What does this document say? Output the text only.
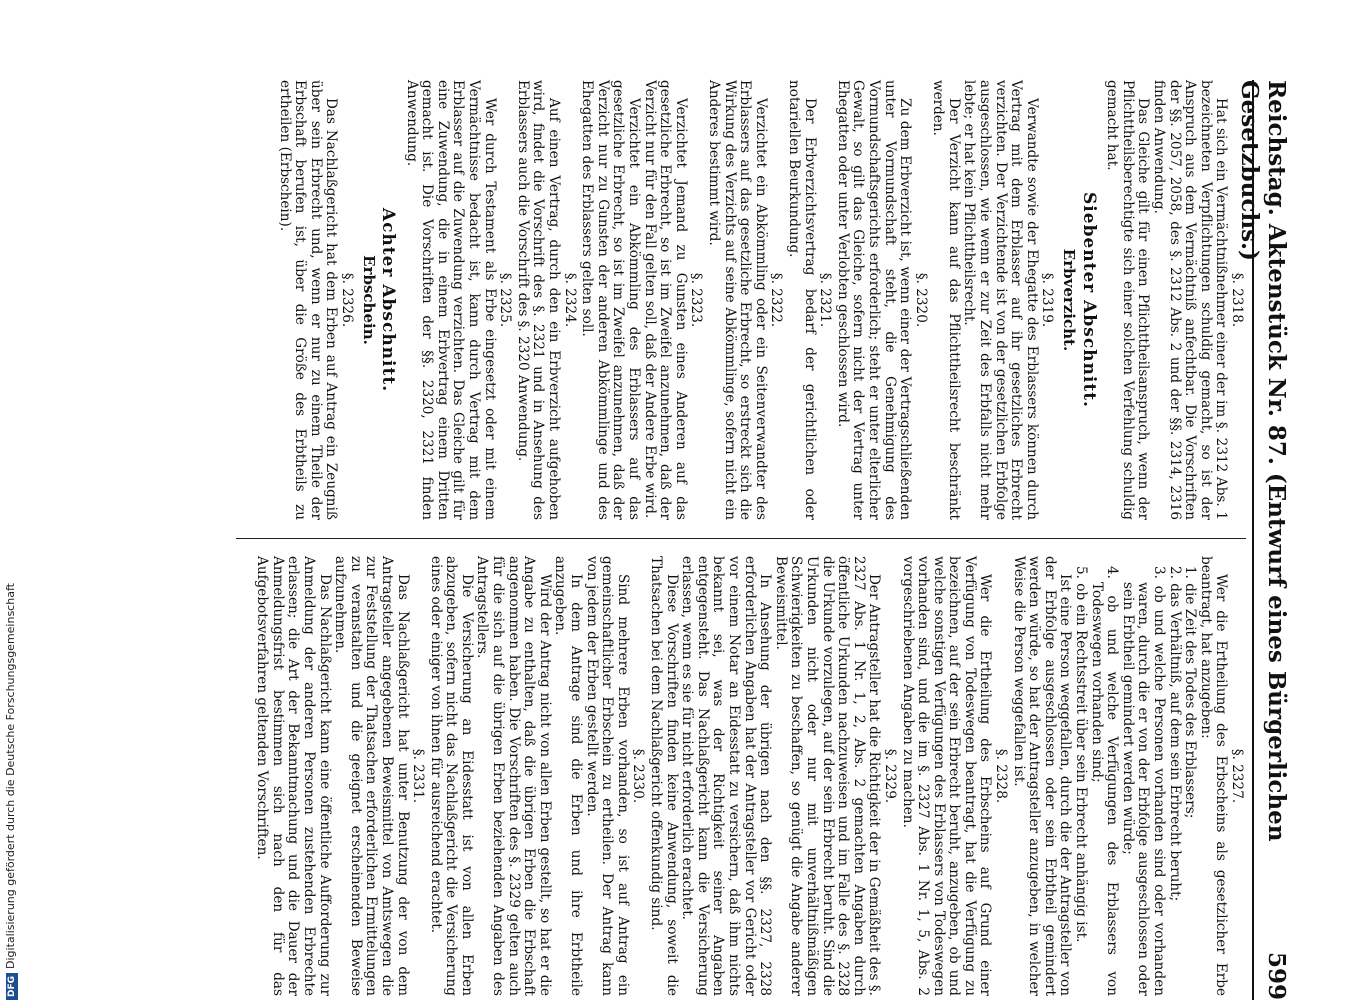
Reichstag. Aktenstück Nr. 87. (Entwurf eines Bürgerlichen Gesetzbuchs.)
599
§. 2318.

Hat sich ein Vermächtnißnehmer einer der im §. 2312 Abs. 1 bezeichneten Verpflichtungen schuldig gemacht, so ist der Anspruch aus dem Vermächtniß anfechtbar. Die Vorschriften der §§. 2057, 2058, des §. 2312 Abs. 2 und der §§. 2314, 2316 finden Anwendung.

Das Gleiche gilt für einen Pflichttheilsanspruch, wenn der Pflichttheilsberechtigte sich einer solchen Verfehlung schuldig gemacht hat.

Siebenter Abschnitt.
Erbverzicht.
§. 2319.

Verwandte sowie der Ehegatte des Erblassers können durch Vertrag mit dem Erblasser auf ihr gesetzliches Erbrecht verzichten. Der Verzichtende ist von der gesetzlichen Erbfolge ausgeschlossen, wie wenn er zur Zeit des Erbfalls nicht mehr lebte; er hat kein Pflichttheilsrecht.

Der Verzicht kann auf das Pflichttheilsrecht beschränkt werden.

§. 2320.

Zu dem Erbverzicht ist, wenn einer der Vertragschließenden unter Vormundschaft steht, die Genehmigung des Vormundschaftsgerichts erforderlich; steht er unter elterlicher Gewalt, so gilt das Gleiche, sofern nicht der Vertrag unter Ehegatten oder unter Verlobten geschlossen wird.

§. 2321.

Der Erbverzichtsvertrag bedarf der gerichtlichen oder notariellen Beurkundung.

§. 2322.

Verzichtet ein Abkömmling oder ein Seitenverwandter des Erblassers auf das gesetzliche Erbrecht, so erstreckt sich die Wirkung des Verzichts auf seine Abkömmlinge, sofern nicht ein Anderes bestimmt wird.

§. 2323.

Verzichtet Jemand zu Gunsten eines Anderen auf das gesetzliche Erbrecht, so ist im Zweifel anzunehmen, daß der Verzicht nur für den Fall gelten soll, daß der Andere Erbe wird.

Verzichtet ein Abkömmling des Erblassers auf das gesetzliche Erbrecht, so ist im Zweifel anzunehmen, daß der Verzicht nur zu Gunsten der anderen Abkömmlinge und des Ehegatten des Erblassers gelten soll.

§. 2324.

Auf einen Vertrag, durch den ein Erbverzicht aufgehoben wird, findet die Vorschrift des §. 2321 und in Ansehung des Erblassers auch die Vorschrift des §. 2320 Anwendung.

§. 2325.

Wer durch Testament als Erbe eingesetzt oder mit einem Vermächtnisse bedacht ist, kann durch Vertrag mit dem Erblasser auf die Zuwendung verzichten. Das Gleiche gilt für eine Zuwendung, die in einem Erbvertrag einem Dritten gemacht ist. Die Vorschriften der §§. 2320, 2321 finden Anwendung.

Achter Abschnitt.
Erbschein.
§. 2326.

Das Nachlaßgericht hat dem Erben auf Antrag ein Zeugniß über sein Erbrecht und, wenn er nur zu einem Theile der Erbschaft berufen ist, über die Größe des Erbtheils zu ertheilen (Erbschein).

§. 2327.

Wer die Ertheilung des Erbscheins als gesetzlicher Erbe beantragt, hat anzugeben:

1. die Zeit des Todes des Erblassers;

2. das Verhältniß, auf dem sein Erbrecht beruht;

3. ob und welche Personen vorhanden sind oder vorhanden waren, durch die er von der Erbfolge ausgeschlossen oder sein Erbtheil gemindert werden würde;

4. ob und welche Verfügungen des Erblassers von Todeswegen vorhanden sind;

5. ob ein Rechtsstreit über sein Erbrecht anhängig ist.

Ist eine Person weggefallen, durch die der Antragsteller von der Erbfolge ausgeschlossen oder sein Erbtheil gemindert werden würde, so hat der Antragsteller anzugeben, in welcher Weise die Person weggefallen ist.

§. 2328.

Wer die Ertheilung des Erbscheins auf Grund einer Verfügung von Todeswegen beantragt, hat die Verfügung zu bezeichnen, auf der sein Erbrecht beruht, anzugeben, ob und welche sonstigen Verfügungen des Erblassers von Todeswegen vorhanden sind, und die im §. 2327 Abs. 1 Nr. 1, 5, Abs. 2 vorgeschriebenen Angaben zu machen.

§. 2329.

Der Antragsteller hat die Richtigkeit der in Gemäßheit des §. 2327 Abs. 1 Nr. 1, 2, Abs. 2 gemachten Angaben durch öffentliche Urkunden nachzuweisen und im Falle des §. 2328 die Urkunde vorzulegen, auf der sein Erbrecht beruht. Sind die Urkunden nicht oder nur mit unverhältnißmäßigen Schwierigkeiten zu beschaffen, so genügt die Angabe anderer Beweismittel.

In Ansehung der übrigen nach den §§. 2327, 2328 erforderlichen Angaben hat der Antragsteller vor Gericht oder vor einem Notar an Eidesstatt zu versichern, daß ihm nichts bekannt sei, was der Richtigkeit seiner Angaben entgegensteht. Das Nachlaßgericht kann die Versicherung erlassen, wenn es sie für nicht erforderlich erachtet.

Diese Vorschriften finden keine Anwendung, soweit die Thatsachen bei dem Nachlaßgericht offenkundig sind.

§. 2330.

Sind mehrere Erben vorhanden, so ist auf Antrag ein gemeinschaftlicher Erbschein zu ertheilen. Der Antrag kann von jedem der Erben gestellt werden.

In dem Antrage sind die Erben und ihre Erbtheile anzugeben.

Wird der Antrag nicht von allen Erben gestellt, so hat er die Angabe zu enthalten, daß die übrigen Erben die Erbschaft angenommen haben. Die Vorschriften des §. 2329 gelten auch für die sich auf die übrigen Erben beziehenden Angaben des Antragstellers.

Die Versicherung an Eidesstatt ist von allen Erben abzugeben, sofern nicht das Nachlaßgericht die Versicherung eines oder einiger von ihnen für ausreichend erachtet.

§. 2331.

Das Nachlaßgericht hat unter Benutzung der von dem Antragsteller angegebenen Beweismittel von Amtswegen die zur Feststellung der Thatsachen erforderlichen Ermittelungen zu veranstalten und die geeignet erscheinenden Beweise aufzunehmen.

Das Nachlaßgericht kann eine öffentliche Aufforderung zur Anmeldung der anderen Personen zustehenden Erbrechte erlassen; die Art der Bekanntmachung und die Dauer der Anmeldungsfrist bestimmen sich nach den für das Aufgebotsverfahren geltenden Vorschriften.

DFGDigitalisierung gefördert durch die Deutsche Forschungsgemeinschaft
